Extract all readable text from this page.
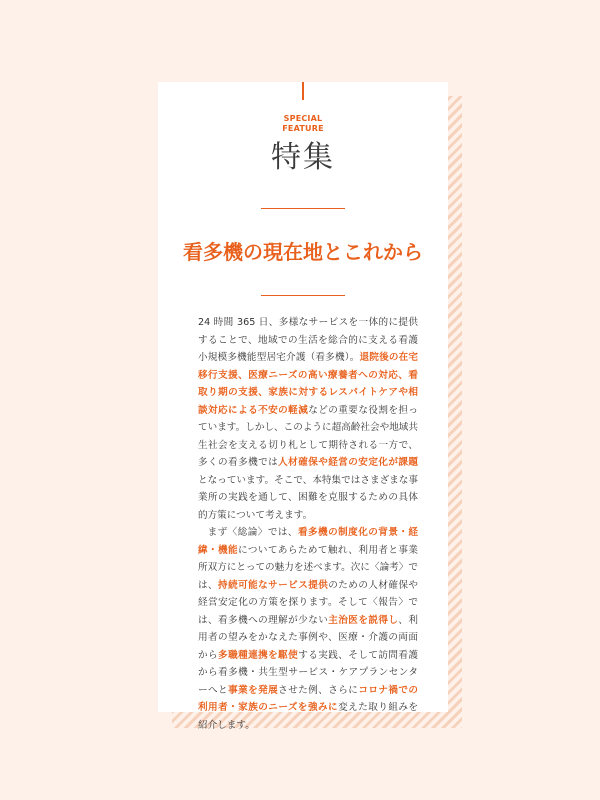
SPECIAL
FEATURE
特集
看多機の現在地とこれから

24 時間 365 日、多様なサービスを一体的に提供することで、地域での生活を総合的に支える看護小規模多機能型居宅介護（看多機）。退院後の在宅移行支援、医療ニーズの高い療養者への対応、看取り期の支援、家族に対するレスパイトケアや相談対応による不安の軽減などの重要な役割を担っています。しかし、このように超高齢社会や地域共生社会を支える切り札として期待される一方で、多くの看多機では人材確保や経営の安定化が課題となっています。そこで、本特集ではさまざまな事業所の実践を通して、困難を克服するための具体的方策について考えます。

まず〈総論〉では、看多機の制度化の背景・経緯・機能についてあらためて触れ、利用者と事業所双方にとっての魅力を述べます。次に〈論考〉では、持続可能なサービス提供のための人材確保や経営安定化の方策を探ります。そして〈報告〉では、看多機への理解が少ない主治医を説得し、利用者の望みをかなえた事例や、医療・介護の両面から多職種連携を駆使する実践、そして訪問看護から看多機・共生型サービス・ケアプランセンターへと事業を発展させた例、さらにコロナ禍での利用者・家族のニーズを強みに変えた取り組みを紹介します。
